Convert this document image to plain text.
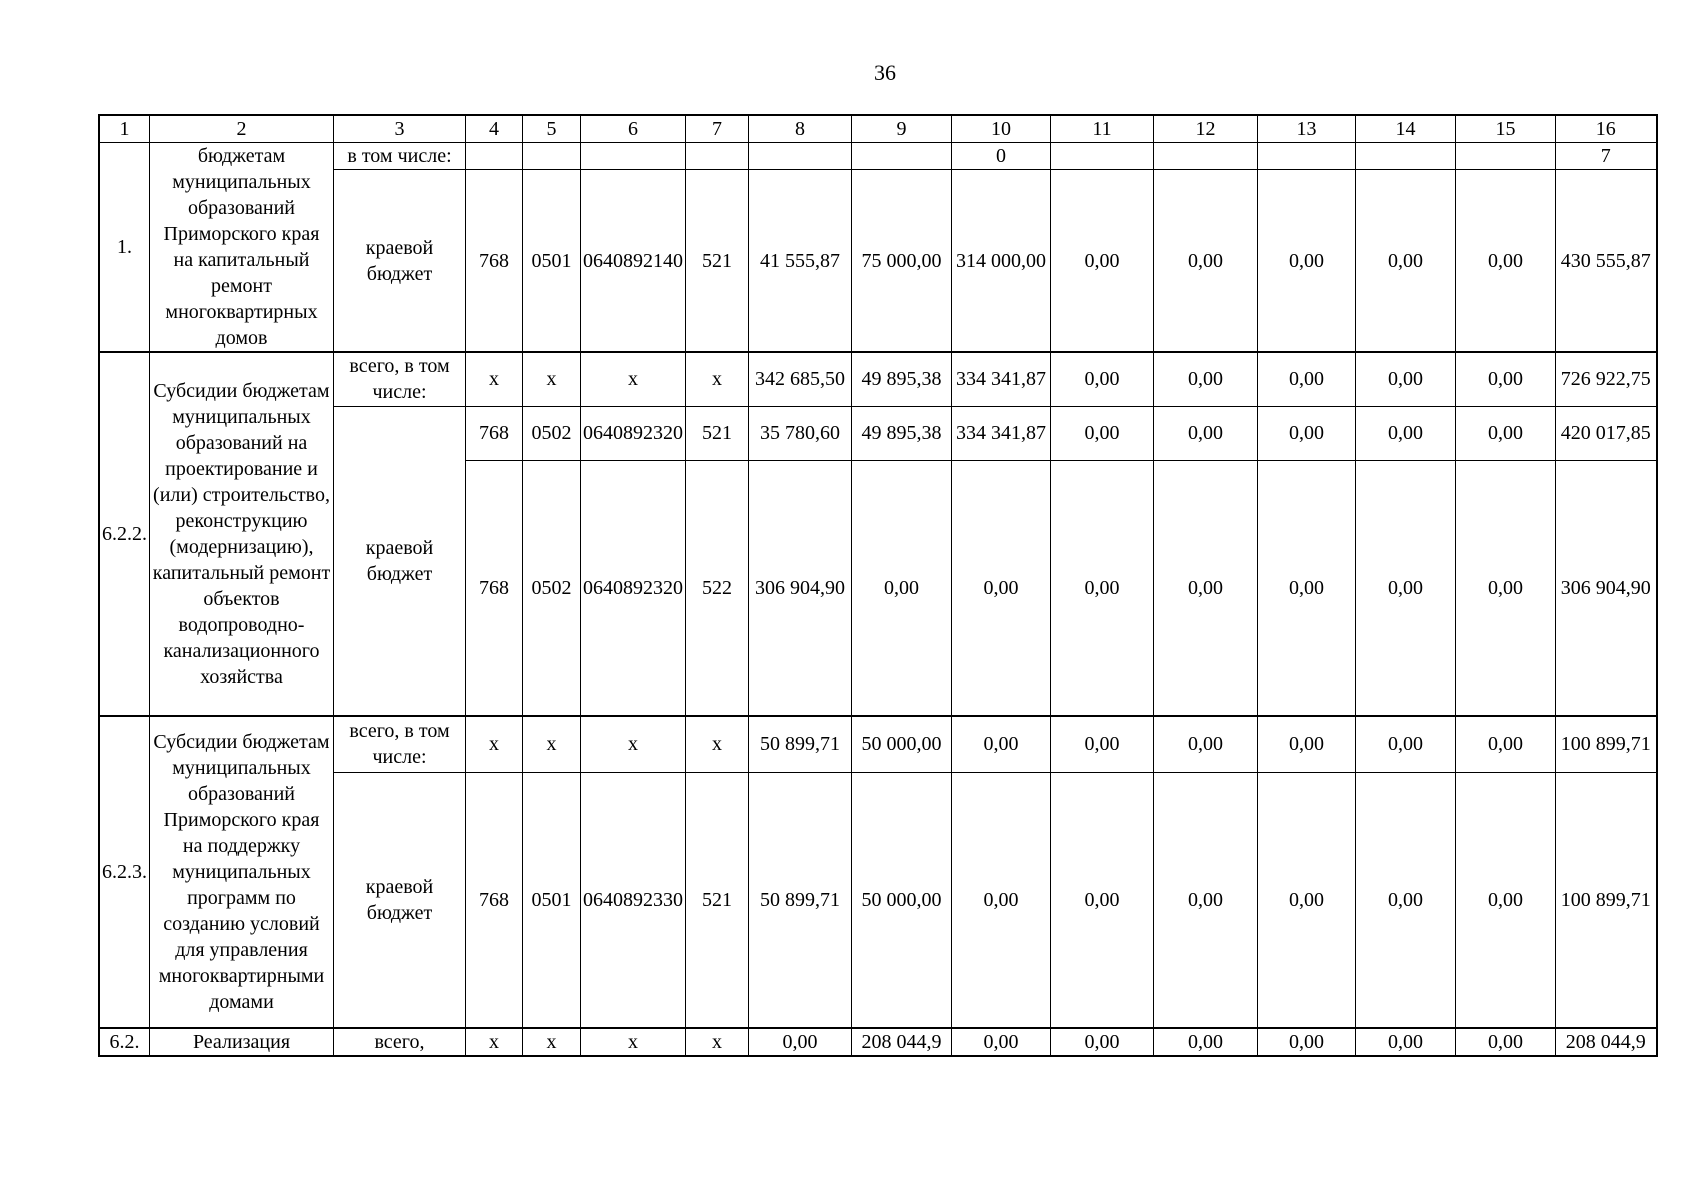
36
1	2	3	4	5	6	7	8	9	10	11	12	13	14	15	16
1.	бюджетам муниципальных образований Приморского края на капитальный ремонт многоквартирных домов	в том числе:							0						7
		краевой бюджет	768	0501	0640892140	521	41 555,87	75 000,00	314 000,00	0,00	0,00	0,00	0,00	0,00	430 555,87
6.2.2.	Субсидии бюджетам муниципальных образований на проектирование и (или) строительство, реконструкцию (модернизацию), капитальный ремонт объектов водопроводно-канализационного хозяйства	всего, в том числе:	x	x	x	x	342 685,50	49 895,38	334 341,87	0,00	0,00	0,00	0,00	0,00	726 922,75
		краевой бюджет	768	0502	0640892320	521	35 780,60	49 895,38	334 341,87	0,00	0,00	0,00	0,00	0,00	420 017,85
			768	0502	0640892320	522	306 904,90	0,00	0,00	0,00	0,00	0,00	0,00	0,00	306 904,90
6.2.3.	Субсидии бюджетам муниципальных образований Приморского края на поддержку муниципальных программ по созданию условий для управления многоквартирными домами	всего, в том числе:	x	x	x	x	50 899,71	50 000,00	0,00	0,00	0,00	0,00	0,00	0,00	100 899,71
		краевой бюджет	768	0501	0640892330	521	50 899,71	50 000,00	0,00	0,00	0,00	0,00	0,00	0,00	100 899,71
6.2.	Реализация	всего,	x	x	x	x	0,00	208 044,9	0,00	0,00	0,00	0,00	0,00	0,00	208 044,9
